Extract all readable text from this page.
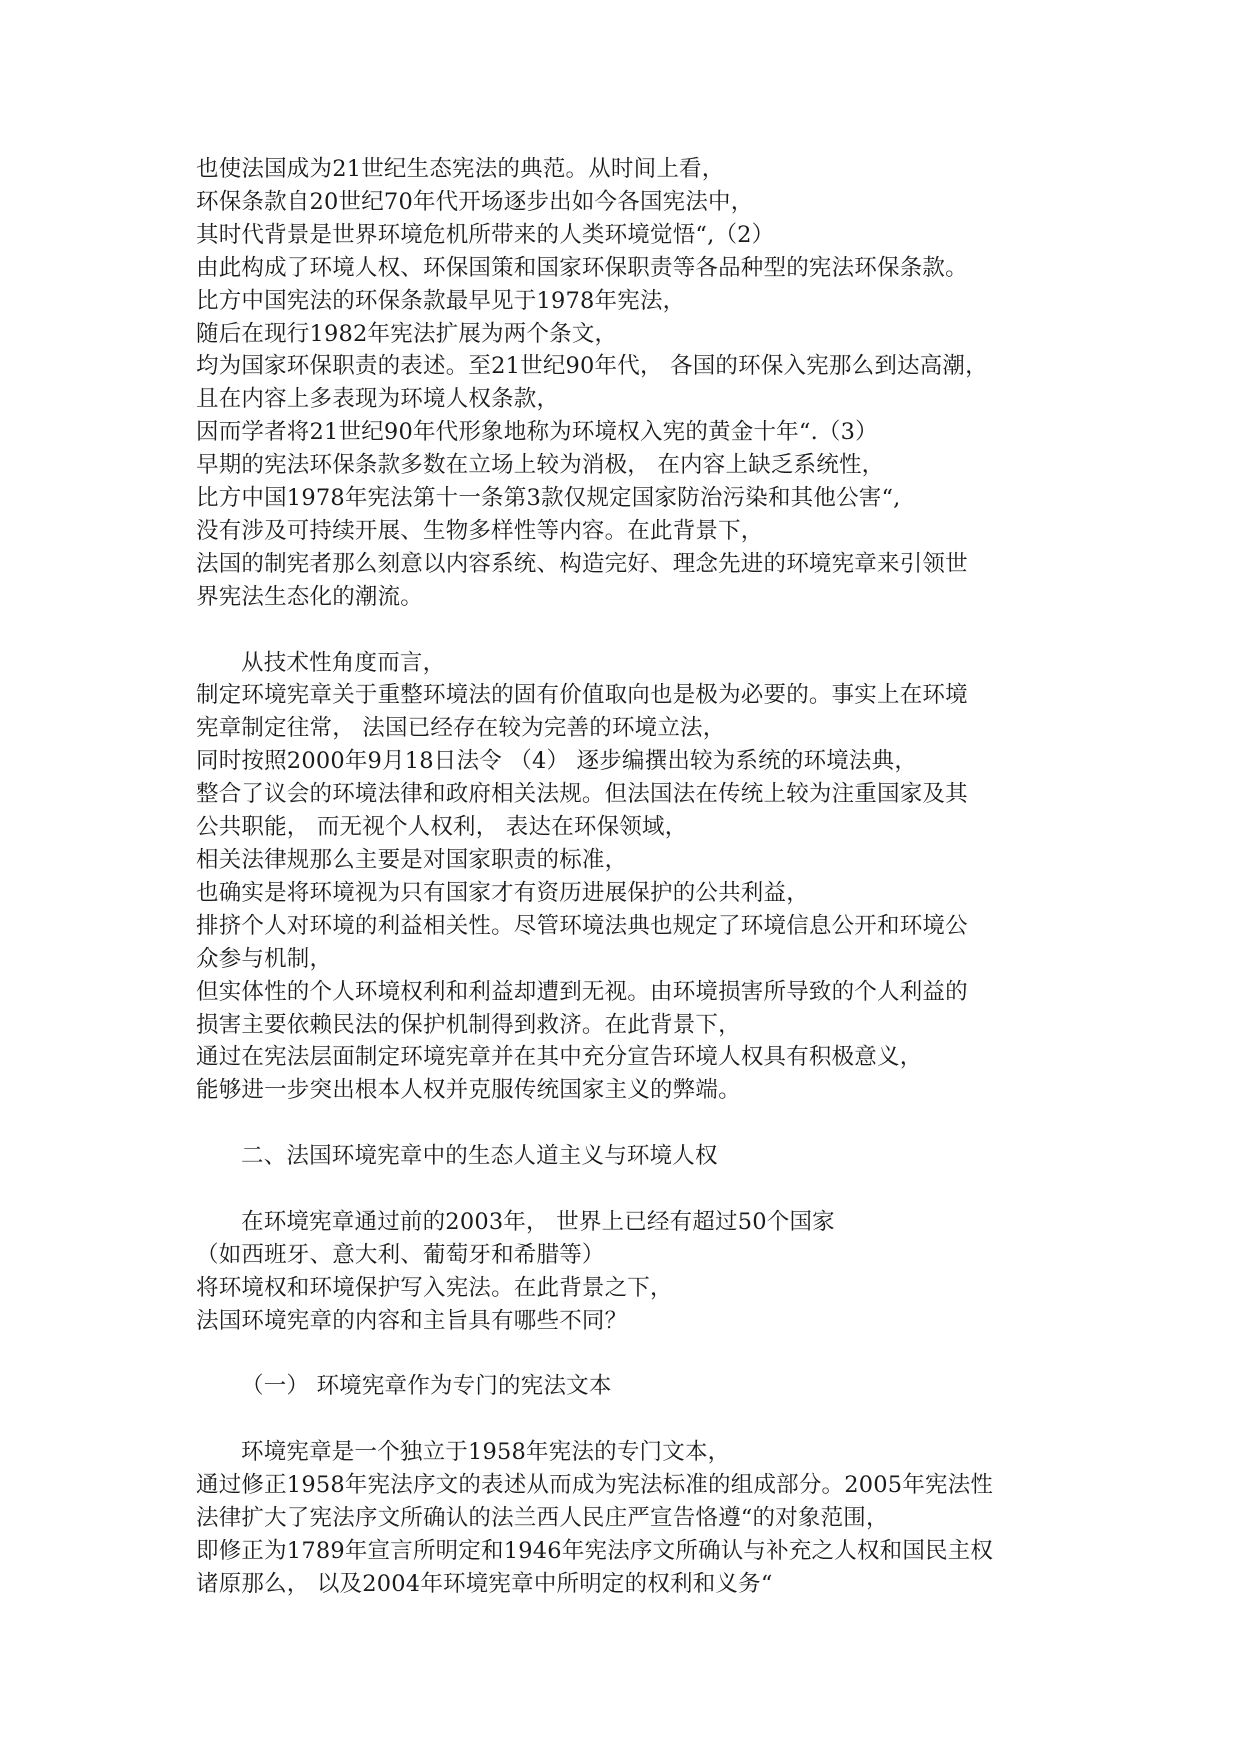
也使法国成为21世纪生态宪法的典范。从时间上看，
环保条款自20世纪70年代开场逐步出如今各国宪法中，
其时代背景是世界环境危机所带来的人类环境觉悟“,（2）
由此构成了环境人权、环保国策和国家环保职责等各品种型的宪法环保条款。
比方中国宪法的环保条款最早见于1978年宪法，
随后在现行1982年宪法扩展为两个条文，
均为国家环保职责的表述。至21世纪90年代， 各国的环保入宪那么到达高潮，
且在内容上多表现为环境人权条款，
因而学者将21世纪90年代形象地称为环境权入宪的黄金十年“.（3）
早期的宪法环保条款多数在立场上较为消极， 在内容上缺乏系统性，
比方中国1978年宪法第十一条第3款仅规定国家防治污染和其他公害“,
没有涉及可持续开展、生物多样性等内容。在此背景下，
法国的制宪者那么刻意以内容系统、构造完好、理念先进的环境宪章来引领世
界宪法生态化的潮流。
从技术性角度而言，
制定环境宪章关于重整环境法的固有价值取向也是极为必要的。事实上在环境
宪章制定往常， 法国已经存在较为完善的环境立法，
同时按照2000年9月18日法令 （4） 逐步编撰出较为系统的环境法典，
整合了议会的环境法律和政府相关法规。但法国法在传统上较为注重国家及其
公共职能， 而无视个人权利， 表达在环保领域，
相关法律规那么主要是对国家职责的标准，
也确实是将环境视为只有国家才有资历进展保护的公共利益，
排挤个人对环境的利益相关性。尽管环境法典也规定了环境信息公开和环境公
众参与机制，
但实体性的个人环境权利和利益却遭到无视。由环境损害所导致的个人利益的
损害主要依赖民法的保护机制得到救济。在此背景下，
通过在宪法层面制定环境宪章并在其中充分宣告环境人权具有积极意义，
能够进一步突出根本人权并克服传统国家主义的弊端。
二、法国环境宪章中的生态人道主义与环境人权
在环境宪章通过前的2003年， 世界上已经有超过50个国家
（如西班牙、意大利、葡萄牙和希腊等）
将环境权和环境保护写入宪法。在此背景之下，
法国环境宪章的内容和主旨具有哪些不同？
（一） 环境宪章作为专门的宪法文本
环境宪章是一个独立于1958年宪法的专门文本，
通过修正1958年宪法序文的表述从而成为宪法标准的组成部分。2005年宪法性
法律扩大了宪法序文所确认的法兰西人民庄严宣告恪遵“的对象范围，
即修正为1789年宣言所明定和1946年宪法序文所确认与补充之人权和国民主权
诸原那么， 以及2004年环境宪章中所明定的权利和义务“
